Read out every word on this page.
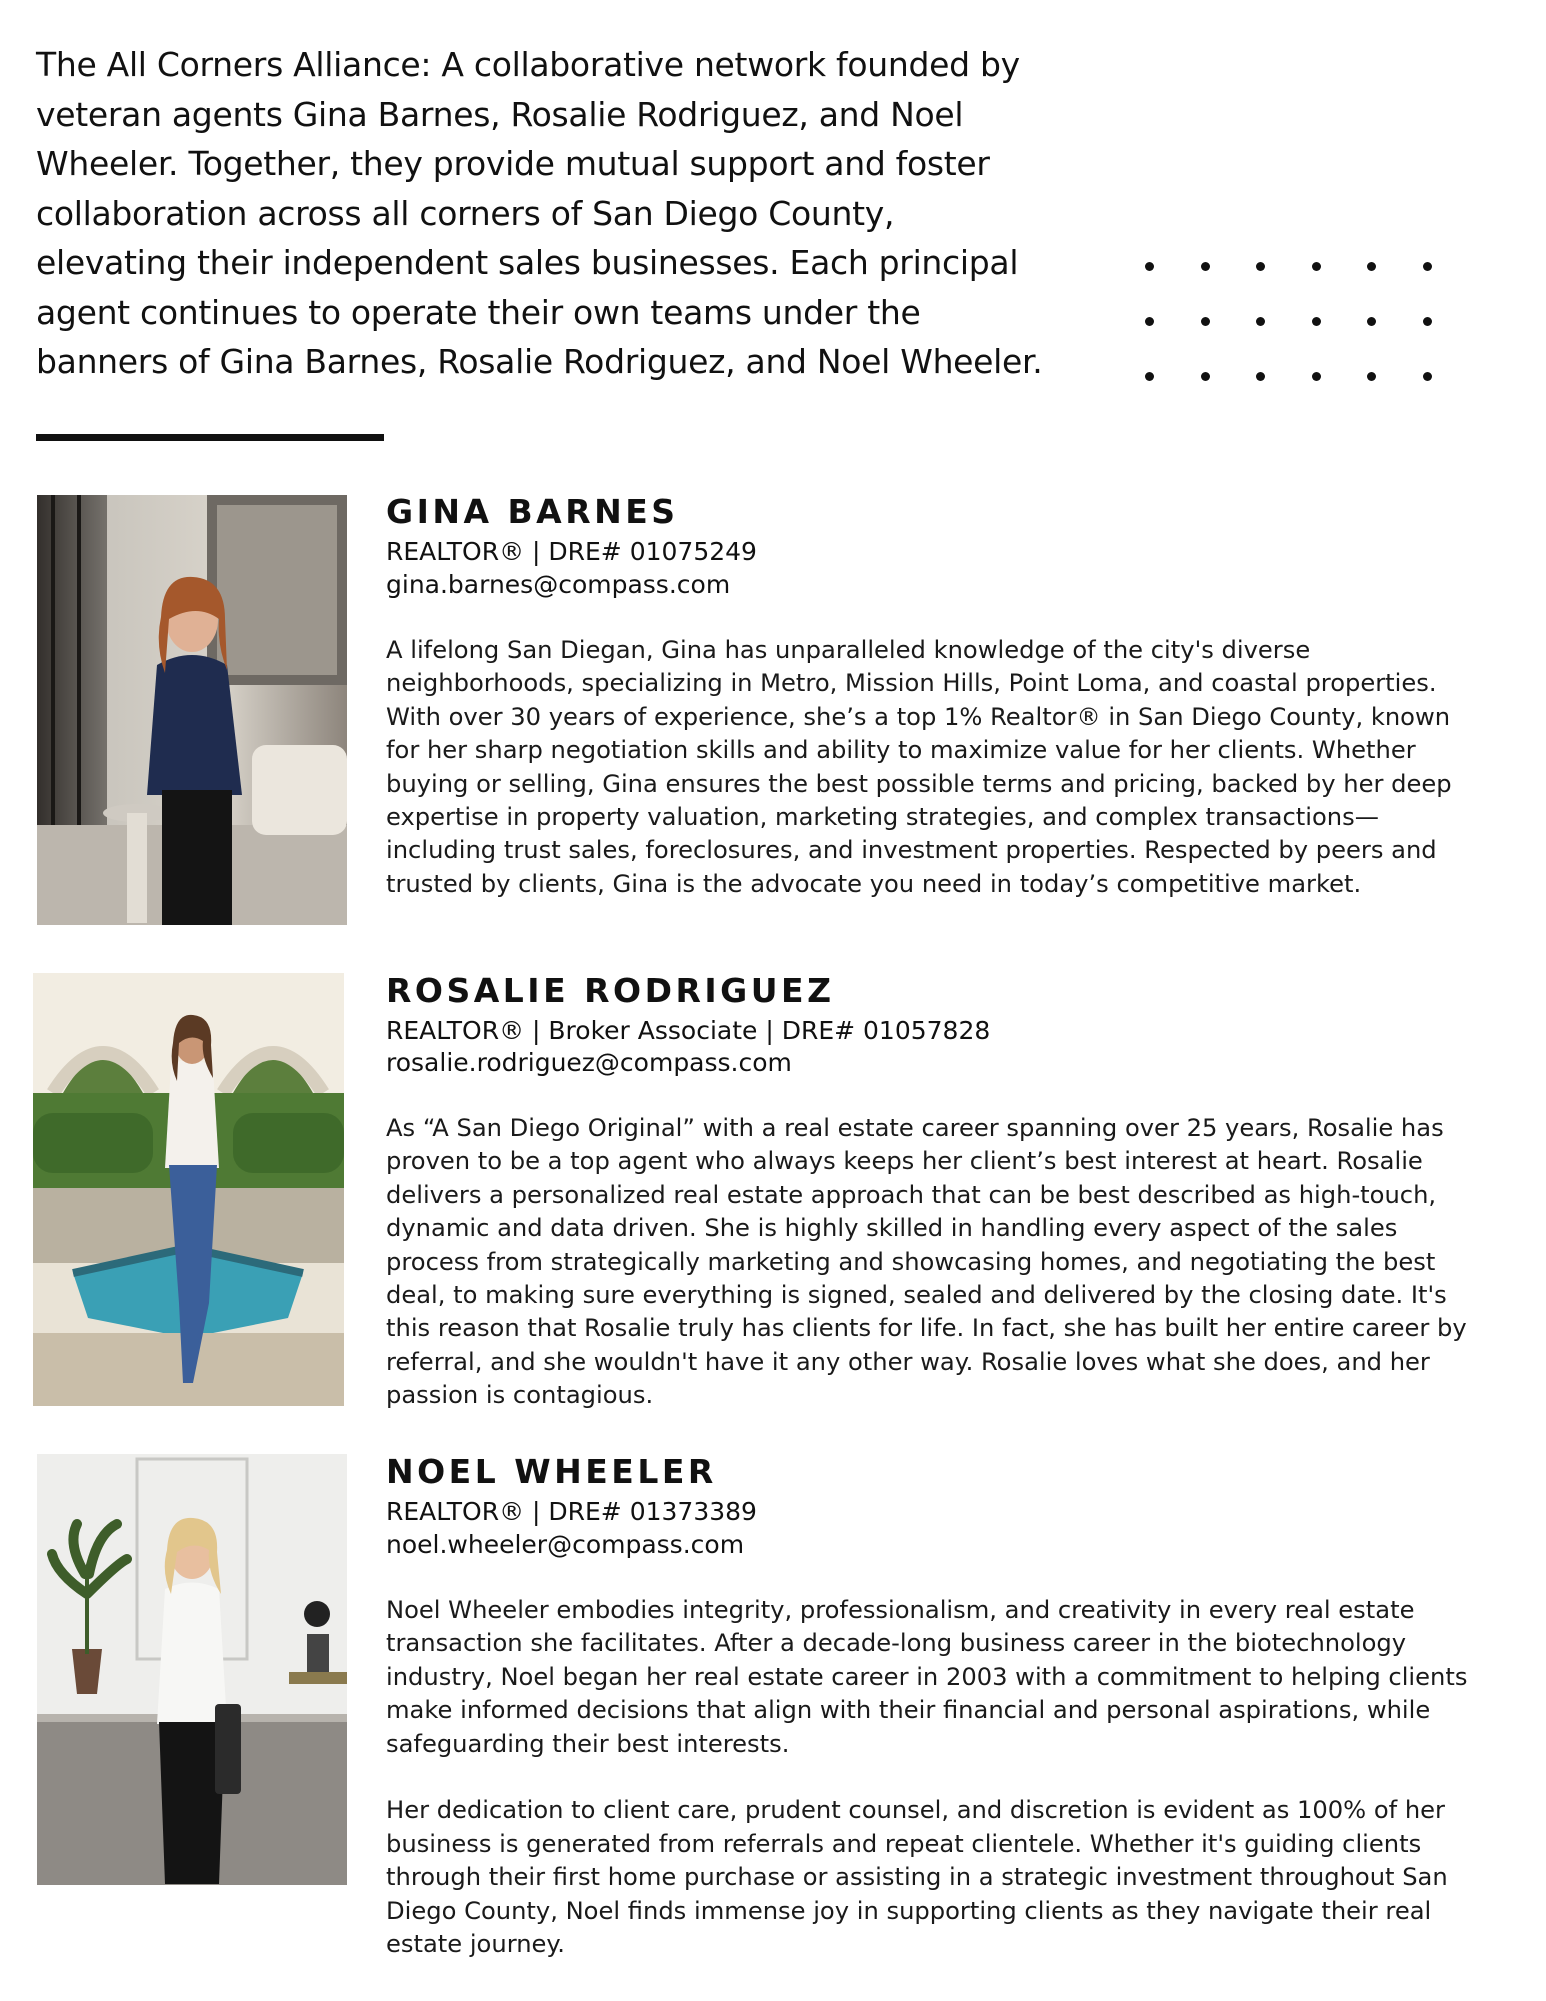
The All Corners Alliance: A collaborative network founded by veteran agents Gina Barnes, Rosalie Rodriguez, and Noel Wheeler. Together, they provide mutual support and foster collaboration across all corners of San Diego County, elevating their independent sales businesses. Each principal agent continues to operate their own teams under the banners of Gina Barnes, Rosalie Rodriguez, and Noel Wheeler.
GINA BARNES
REALTOR® | DRE# 01075249
gina.barnes@compass.com

A lifelong San Diegan, Gina has unparalleled knowledge of the city's diverse neighborhoods, specializing in Metro, Mission Hills, Point Loma, and coastal properties. With over 30 years of experience, she’s a top 1% Realtor® in San Diego County, known for her sharp negotiation skills and ability to maximize value for her clients. Whether buying or selling, Gina ensures the best possible terms and pricing, backed by her deep expertise in property valuation, marketing strategies, and complex transactions—including trust sales, foreclosures, and investment properties. Respected by peers and trusted by clients, Gina is the advocate you need in today’s competitive market.

ROSALIE RODRIGUEZ
REALTOR® | Broker Associate | DRE# 01057828
rosalie.rodriguez@compass.com

As “A San Diego Original” with a real estate career spanning over 25 years, Rosalie has proven to be a top agent who always keeps her client’s best interest at heart. Rosalie delivers a personalized real estate approach that can be best described as high-touch, dynamic and data driven. She is highly skilled in handling every aspect of the sales process from strategically marketing and showcasing homes, and negotiating the best deal, to making sure everything is signed, sealed and delivered by the closing date. It's this reason that Rosalie truly has clients for life. In fact, she has built her entire career by referral, and she wouldn't have it any other way. Rosalie loves what she does, and her passion is contagious.

NOEL WHEELER
REALTOR® | DRE# 01373389
noel.wheeler@compass.com

Noel Wheeler embodies integrity, professionalism, and creativity in every real estate transaction she facilitates. After a decade-long business career in the biotechnology industry, Noel began her real estate career in 2003 with a commitment to helping clients make informed decisions that align with their financial and personal aspirations, while safeguarding their best interests.

Her dedication to client care, prudent counsel, and discretion is evident as 100% of her business is generated from referrals and repeat clientele. Whether it's guiding clients through their first home purchase or assisting in a strategic investment throughout San Diego County, Noel finds immense joy in supporting clients as they navigate their real estate journey.
